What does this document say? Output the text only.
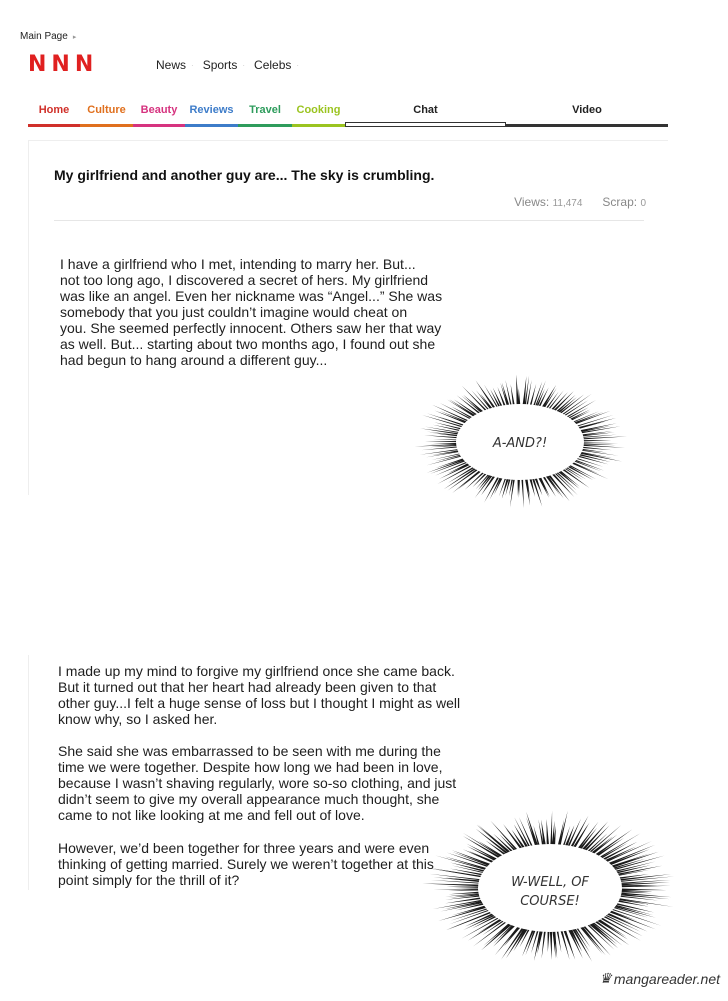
Main Page ▸
NNN	News · Sports · Celebs ·
Home	Culture	Beauty	Reviews	Travel	Cooking	Chat	Video
My girlfriend and another guy are... The sky is crumbling.
Views: 11,474 Scrap: 0
I have a girlfriend who I met, intending to marry her. But...
not too long ago, I discovered a secret of hers. My girlfriend
was like an angel. Even her nickname was “Angel...” She was
somebody that you just couldn’t imagine would cheat on
you. She seemed perfectly innocent. Others saw her that way
as well. But... starting about two months ago, I found out she
had begun to hang around a different guy...
I made up my mind to forgive my girlfriend once she came back.
But it turned out that her heart had already been given to that
other guy...I felt a huge sense of loss but I thought I might as well
know why, so I asked her.
She said she was embarrassed to be seen with me during the
time we were together. Despite how long we had been in love,
because I wasn’t shaving regularly, wore so-so clothing, and just
didn’t seem to give my overall appearance much thought, she
came to not like looking at me and fell out of love.
However, we’d been together for three years and were even
thinking of getting married. Surely we weren’t together at this
point simply for the thrill of it?
A-AND?!
W-WELL, OF
COURSE!
♛ mangareader.net
